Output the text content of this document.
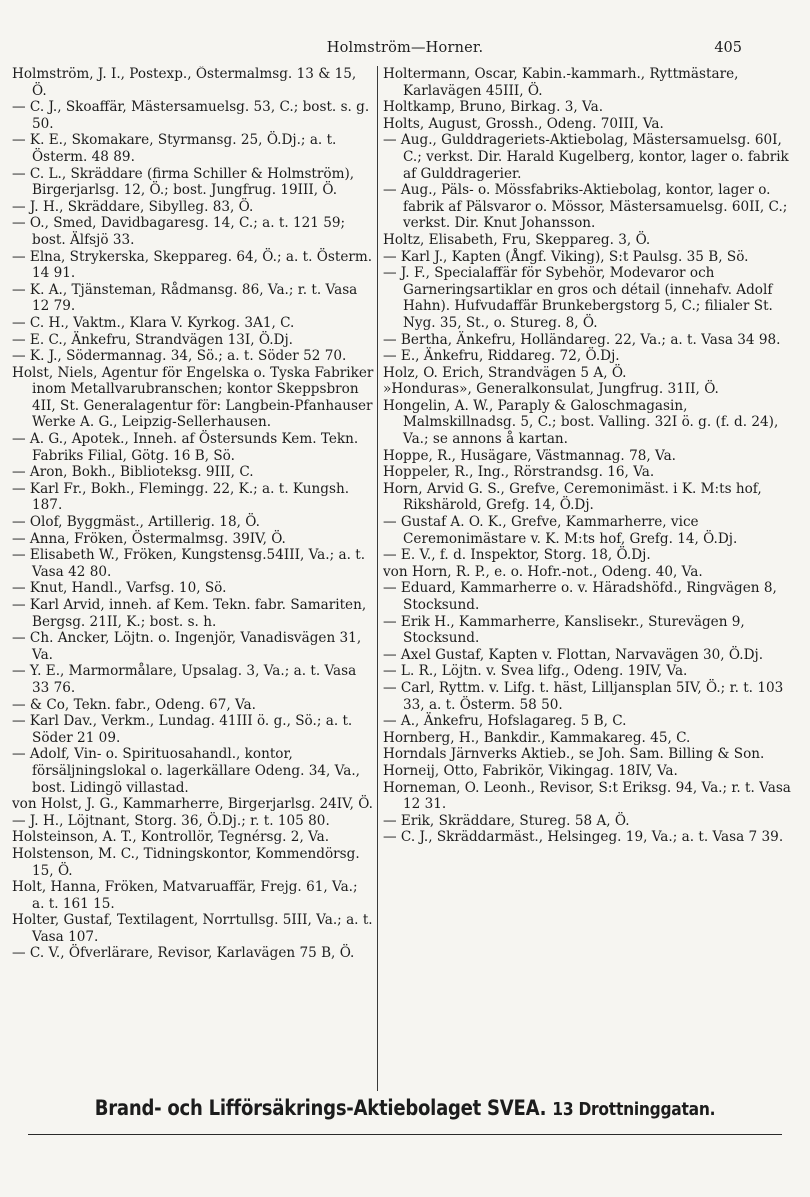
Holmström—Horner.	405

Holmström, J. I., Postexp., Östermalmsg. 13 & 15, Ö.

— C. J., Skoaffär, Mästersamuelsg. 53, C.; bost. s. g. 50.

— K. E., Skomakare, Styrmansg. 25, Ö.Dj.; a. t. Österm. 48 89.

— C. L., Skräddare (firma Schiller & Holmström), Birgerjarlsg. 12, Ö.; bost. Jungfrug. 19III, Ö.

— J. H., Skräddare, Sibylleg. 83, Ö.

— O., Smed, Davidbagaresg. 14, C.; a. t. 121 59; bost. Älfsjö 33.

— Elna, Strykerska, Skeppareg. 64, Ö.; a. t. Österm. 14 91.

— K. A., Tjänsteman, Rådmansg. 86, Va.; r. t. Vasa 12 79.

— C. H., Vaktm., Klara V. Kyrkog. 3A1, C.

— E. C., Änkefru, Strandvägen 13I, Ö.Dj.

— K. J., Södermannag. 34, Sö.; a. t. Söder 52 70.

Holst, Niels, Agentur för Engelska o. Tyska Fabriker inom Metallvarubranschen; kontor Skeppsbron 4II, St. Generalagentur för: Langbein-Pfanhauser Werke A. G., Leipzig-Sellerhausen.

— A. G., Apotek., Inneh. af Östersunds Kem. Tekn. Fabriks Filial, Götg. 16 B, Sö.

— Aron, Bokh., Biblioteksg. 9III, C.

— Karl Fr., Bokh., Flemingg. 22, K.; a. t. Kungsh. 187.

— Olof, Byggmäst., Artillerig. 18, Ö.

— Anna, Fröken, Östermalmsg. 39IV, Ö.

— Elisabeth W., Fröken, Kungstensg.54III, Va.; a. t. Vasa 42 80.

— Knut, Handl., Varfsg. 10, Sö.

— Karl Arvid, inneh. af Kem. Tekn. fabr. Samariten, Bergsg. 21II, K.; bost. s. h.

— Ch. Ancker, Löjtn. o. Ingenjör, Vanadisvägen 31, Va.

— Y. E., Marmormålare, Upsalag. 3, Va.; a. t. Vasa 33 76.

— & Co, Tekn. fabr., Odeng. 67, Va.

— Karl Dav., Verkm., Lundag. 41III ö. g., Sö.; a. t. Söder 21 09.

— Adolf, Vin- o. Spirituosahandl., kontor, försäljningslokal o. lagerkällare Odeng. 34, Va., bost. Lidingö villastad.

von Holst, J. G., Kammarherre, Birgerjarlsg. 24IV, Ö.

— J. H., Löjtnant, Storg. 36, Ö.Dj.; r. t. 105 80.

Holsteinson, A. T., Kontrollör, Tegnérsg. 2, Va.

Holstenson, M. C., Tidningskontor, Kommendörsg. 15, Ö.

Holt, Hanna, Fröken, Matvaruaffär, Frejg. 61, Va.; a. t. 161 15.

Holter, Gustaf, Textilagent, Norrtullsg. 5III, Va.; a. t. Vasa 107.

— C. V., Öfverlärare, Revisor, Karlavägen 75 B, Ö.

Holtermann, Oscar, Kabin.-kammarh., Ryttmästare, Karlavägen 45III, Ö.

Holtkamp, Bruno, Birkag. 3, Va.

Holts, August, Grossh., Odeng. 70III, Va.

— Aug., Gulddrageriets-Aktiebolag, Mästersamuelsg. 60I, C.; verkst. Dir. Harald Kugelberg, kontor, lager o. fabrik af Gulddragerier.

— Aug., Päls- o. Mössfabriks-Aktiebolag, kontor, lager o. fabrik af Pälsvaror o. Mössor, Mästersamuelsg. 60II, C.; verkst. Dir. Knut Johansson.

Holtz, Elisabeth, Fru, Skeppareg. 3, Ö.

— Karl J., Kapten (Ångf. Viking), S:t Paulsg. 35 B, Sö.

— J. F., Specialaffär för Sybehör, Modevaror och Garneringsartiklar en gros och détail (innehafv. Adolf Hahn). Hufvudaffär Brunkebergstorg 5, C.; filialer St. Nyg. 35, St., o. Stureg. 8, Ö.

— Bertha, Änkefru, Holländareg. 22, Va.; a. t. Vasa 34 98.

— E., Änkefru, Riddareg. 72, Ö.Dj.

Holz, O. Erich, Strandvägen 5 A, Ö.

»Honduras», Generalkonsulat, Jungfrug. 31II, Ö.

Hongelin, A. W., Paraply & Galoschmagasin, Malmskillnadsg. 5, C.; bost. Valling. 32I ö. g. (f. d. 24), Va.; se annons å kartan.

Hoppe, R., Husägare, Västmannag. 78, Va.

Hoppeler, R., Ing., Rörstrandsg. 16, Va.

Horn, Arvid G. S., Grefve, Ceremonimäst. i K. M:ts hof, Rikshärold, Grefg. 14, Ö.Dj.

— Gustaf A. O. K., Grefve, Kammarherre, vice Ceremonimästare v. K. M:ts hof, Grefg. 14, Ö.Dj.

— E. V., f. d. Inspektor, Storg. 18, Ö.Dj.

von Horn, R. P., e. o. Hofr.-not., Odeng. 40, Va.

— Eduard, Kammarherre o. v. Häradshöfd., Ringvägen 8, Stocksund.

— Erik H., Kammarherre, Kanslisekr., Sturevägen 9, Stocksund.

— Axel Gustaf, Kapten v. Flottan, Narvavägen 30, Ö.Dj.

— L. R., Löjtn. v. Svea lifg., Odeng. 19IV, Va.

— Carl, Ryttm. v. Lifg. t. häst, Lilljansplan 5IV, Ö.; r. t. 103 33, a. t. Österm. 58 50.

— A., Änkefru, Hofslagareg. 5 B, C.

Hornberg, H., Bankdir., Kammakareg. 45, C.

Horndals Järnverks Aktieb., se Joh. Sam. Billing & Son.

Horneij, Otto, Fabrikör, Vikingag. 18IV, Va.

Horneman, O. Leonh., Revisor, S:t Eriksg. 94, Va.; r. t. Vasa 12 31.

— Erik, Skräddare, Stureg. 58 A, Ö.

— C. J., Skräddarmäst., Helsingeg. 19, Va.; a. t. Vasa 7 39.

Brand- och Lifförsäkrings-Aktiebolaget SVEA. 13 Drottninggatan.
